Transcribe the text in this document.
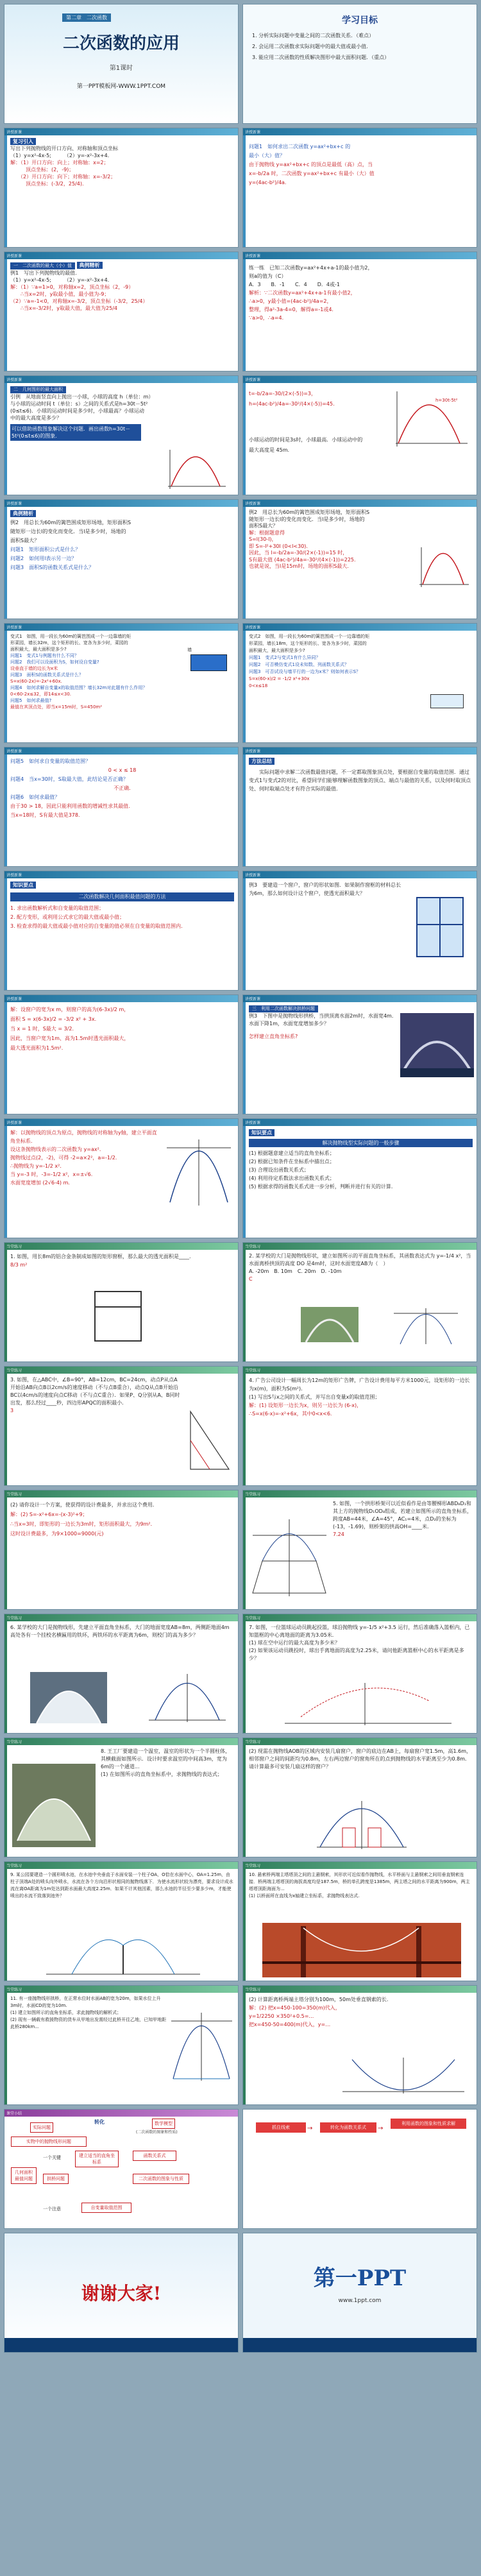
第二章　二次函数
二次函数的应用
第1课时
第一PPT模板网-WWW.1PPT.COM
学习目标
1. 分析实际问题中变量之间的二次函数关系．（难点）
2. 会运用二次函数求实际问题中的最大值或最小值．
3. 能应用二次函数的性质解决图形中最大面积问题．（重点）
讲授新课
复习引入
写出下列抛物线的开口方向、对称轴和顶点坐标
（1）y=x²-4x-5;　　　（2）y=-x²-3x+4.
解：（1）开口方向：向上；对称轴：x=2；
　　　顶点坐标：(2，-9)；
　　（2）开口方向：向下；对称轴：x=-3/2；
　　　顶点坐标：(-3/2，25/4).
讲授新课
问题1　如何求出二次函数 y=ax²+bx+c 的
最小（大）值？
由于抛物线 y=ax²+bx+c 的顶点是最低（高）点，当
x=-b/2a 时，二次函数 y=ax²+bx+c 有最小（大）值
y=(4ac-b²)/4a.
讲授新课
一　二次函数的最大（小）值 典例精析
例1　写出下列抛物线的最值.
（1）y=x²-4x-5;　　　（2）y=-x²-3x+4.
解：（1）∵a=1>0，对称轴x=2，顶点坐标（2，-9）
　　∴当x=2时，y取最小值，最小值为-9；
（2）∵a=-1<0，对称轴x=-3/2，顶点坐标（-3/2，25/4）
　　∴当x=-3/2时，y取最大值，最大值为25/4
讲授新课
练一练　已知二次函数y=ax²+4x+a-1的最小值为2，
则a的值为（C）
A．3　　B．-1　　C．4　　D．4或-1
解析：∵二次函数y=ax²+4x+a-1有最小值2，
∴a>0，y最小值=(4ac-b²)/4a=2，
整理，得a²-3a-4=0，解得a=-1或4.
∵a>0，∴a=4.
讲授新课
二　几何图形的最大面积
引例　从地面竖直向上抛出一小球，小球的高度 h（单位：m）
与小球的运动时间 t（单位：s）之间的关系式是h=30t－5t²
(0≤t≤6)．小球的运动时间是多少时，小球最高？小球运动
中的最大高度是多少？
可以借助函数图象解决这个问题．画出函数h=30t－5t²(0≤t≤6)的图象.
讲授新课
t=-b/2a=-30/(2×(-5))=3，
h=(4ac-b²)/4a=-30²/(4×(-5))=45.
小球运动的时间是3s时，小球最高．小球运动中的
最大高度是 45m.
h=30t-5t²
讲授新课
典例精析
例2　用总长为60m的篱笆围成矩形场地，矩形面积S
随矩形一边长l的变化而变化．当l是多少时，场地的
面积S最大？
问题1　矩形面积公式是什么？
问题2　如何用l表示另一边？
问题3　面积S的函数关系式是什么？
讲授新课
例2　用总长为60m的篱笆围成矩形场地，矩形面积S
随矩形一边长l的变化而变化．当l是多少时，场地的
面积S最大？
解：根据题意得
S=l(30-l)，
即 S=-l²+30l (0<l<30).
因此，当 l=-b/2a=-30/(2×(-1))=15 时，
S有最大值 (4ac-b²)/4a=-30²/(4×(-1))=225.
也就是说，当l是15m时，场地的面积S最大.
讲授新课
变式1　如图，用一段长为60m的篱笆围成一个一边靠墙的矩
形菜园，墙长32m，这个矩形的长、宽各为多少时，菜园的
面积最大，最大面积是多少?
问题1　变式1与例题有什么不同？
问题2　我们可以设面积为S，如何设自变量?
设垂直于墙的边长为x米
问题3　面积S的函数关系式是什么？
S=x(60-2x)=-2x²+60x.
问题4　如何求解自变量x的取值范围？墙长32m对此题有什么作用？
0<60-2x≤32，即14≤x<30.
问题5　如何求最值?
最值在其顶点处，即当x=15m时，S=450m²
墙
讲授新课
变式2　如图，用一段长为60m的篱笆围成一个一边靠墙的矩
形菜园，墙长18m，这个矩形的长、宽各为多少时，菜园的
面积最大，最大面积是多少?
问题1　变式2与变式1有什么异同？
问题2　可否模仿变式1设未知数、列函数关系式？
问题3　可否试设与墙平行的一边为x米？则如何表示S？
S=x(60-x)/2 = -1/2 x²+30x
0<x≤18
讲授新课
问题5　如何求自变量的取值范围？
0 < x ≤ 18
问题4　当x=30时，S取最大值，此结论是否正确？
不正确.
问题6　如何求最值？
由于30 > 18，因此只能利用函数的增减性求其最值.
当x=18时，S有最大值是378.
讲授新课
方法总结
实际问题中求解二次函数最值问题，不一定都取图象顶点处，要根据自变量的取值范围．通过变式1与变式2的对比，希望同学们能够理解函数图象的顶点、端点与最值的关系，以及何时取顶点处、何时取端点处才有符合实际的最值.
讲授新课
知识要点
二次函数解决几何面积最值问题的方法
1. 求出函数解析式和自变量的取值范围；
2. 配方变形，或利用公式求它的最大值或最小值；
3. 检查求得的最大值或最小值对应的自变量的值必须在自变量的取值范围内.
讲授新课
例3　要建造一个窗户，窗户的形状如图．如果制作窗框的材料总长为6m，那么如何设计这个窗户，使透光面积最大？
讲授新课
解：设窗户的宽为x m，则窗户的高为(6-3x)/2 m，
面积 S = x(6-3x)/2 = -3/2 x² + 3x.
当 x = 1 时，S最大 = 3/2.
因此，当窗户宽为1m、高为1.5m时透光面积最大，
最大透光面积为1.5m².
讲授新课
三　利用二次函数解决拱桥问题
例3　下图中是抛物线形拱桥，当拱顶离水面2m时，水面宽4m．水面下降1m，水面宽度增加多少？
怎样建立直角坐标系?
讲授新课
解：以抛物线的顶点为原点，抛物线的对称轴为y轴，建立平面直角坐标系．
设这条抛物线表示的二次函数为 y=ax²．
抛物线过点(2，-2)，可得 -2=a×2²，a=-1/2.
∴抛物线为 y=-1/2 x²．
当 y=-3 时，-3=-1/2 x²，x=±√6.
水面宽度增加 (2√6-4) m.
讲授新课
知识要点
解决抛物线型实际问题的一般步骤
(1) 根据题意建立适当的直角坐标系；
(2) 根据已知条件在坐标系中描出点；
(3) 合理设出函数关系式；
(4) 利用待定系数法求出函数关系式；
(5) 根据求得的函数关系式进一步分析，判断并进行有关的计算.
当堂练习
1. 如图，用长8m的铝合金条制成如图的矩形窗框，那么最大的透光面积是____.
8/3 m²
当堂练习
2. 某学校的大门是抛物线形状，建立如图所示的平面直角坐标系，其函数表达式为 y=-1/4 x²，当水面离桥拱顶的高度 DO 是4m时，这时水面宽度AB为（　）
A. -20m　B. 10m　C. 20m　D. -10m
C
当堂练习
3. 如图，在△ABC中，∠B=90°，AB=12cm，BC=24cm，动点P从点A开始沿AB向点B以2cm/s的速度移动（不与点B重合），动点Q从点B开始沿BC以4cm/s的速度向点C移动（不与点C重合）．如果P、Q分别从A、B同时出发，那么经过____秒，四边形APQC的面积最小．
3
当堂练习
4. 广告公司设计一幅周长为12m的矩形广告牌，广告设计费用每平方米1000元，设矩形的一边长为x(m)，面积为S(m²)．
(1) 写出S与x之间的关系式，并写出自变量x的取值范围；
解：(1) 设矩形一边长为x，则另一边长为 (6-x)，
∴S=x(6-x)=-x²+6x，其中0<x<6.
当堂练习
(2) 请你设计一个方案，使获得的设计费最多，并求出这个费用．
解：(2) S=-x²+6x=-(x-3)²+9；
∴当x=3时，即矩形的一边长为3m时，矩形面积最大，为9m²．
这时设计费最多，为9×1000=9000(元)
当堂练习
5. 如图，一个拱形桥架可以近似看作是由等腰梯形ABD₈D₁和其上方的抛物线D₁OD₈组成，若建立如图所示的直角坐标系，跨度AB=44米，∠A=45°，AC₁=4米，点D₂的坐标为(-13，-1.69)，则桥架的拱高OH=____米.
7.24
当堂练习
6. 某学校的大门是抛物线形，先建立平面直角坐标系，大门的地面宽度AB=8m，两侧距地面4m高处各有一个挂校名横匾用的铁环，两铁环的水平距离为6m，则校门的高为多少？
当堂练习
7. 如图，一位篮球运动员跳起投篮，球沿抛物线 y=-1/5 x²+3.5 运行，然后准确落入篮框内，已知篮框的中心离地面的距离为3.05米．
(1) 球在空中运行的最大高度为多少米？
(2) 如果该运动员跳投时，球出手离地面的高度为2.25米，请问他距离篮框中心的水平距离是多少？
当堂练习
8. 王工厂要建造一个温室，温室的形状为一个半圆柱体，其横截面如图所示．设计时要求温室的中间高3m，宽为6m的一个通道...
(1) 在如图所示的直角坐标系中，求抛物线的表达式；
当堂练习
(2) 现需在抛物线AOB的区域内安装几扇窗户，窗户的底边在AB上，每扇窗户宽1.5m，高1.6m，相邻窗户之间的间距均为0.8m，左右两边窗户的窗角所在的点到抛物线的水平距离至少为0.8m．请计算最多可安装几扇这样的窗户？
当堂练习
9. 某公园要建造一个圆形喷水池，在水池中央垂直于水面安装一个柱子OA，O恰在水面中心，OA=1.25m，由柱子顶端A处的喷头向外喷水，水流在各个方向沿形状相同的抛物线落下．为使水流形状较为漂亮，要求设计成水流在离OA距离为1m处达到距水面最大高度2.25m．如果不计其他因素，那么水池的半径至少要多少m，才能使喷出的水流不致落到池外？
当堂练习
10. 悬索桥两端主塔塔顶之间的主悬钢索，其形状可近似看作抛物线，水平桥面与主悬钢索之间用垂直钢索连接．桥两端主塔塔顶的海拔高度均是187.5m，桥的单孔跨度是1385m，两主塔之间的水平距离为900m，两主塔塔顶距海面为...
(1) 以桥面所在直线为x轴建立坐标系，求抛物线表达式.
当堂练习
11. 有一座抛物线形拱桥，在正常水位时水面AB的宽为20m，如果水位上升3m时，水面CD的宽为10m.
(1) 建立如图所示的直角坐标系，求此抛物线的解析式；
(2) 现有一辆载有救援物资的货车从甲地出发需经过此桥开往乙地，已知甲地距此桥280km...
当堂练习
(2) 计算距离桥两端主塔分别为100m，50m处垂直钢索的长.
解：(2) 把x=450-100=350(m)代入，
y=1/2250 ×350²+0.5=…
把x=450-50=400(m)代入，y=…
课堂小结
实际问题
转化	数学模型
(二次函数的图象和性质)
实物中的抛物线形问题
一个关键	建立适当的直角坐标系
几何面积最值问题	拱桥问题
一个注意	自变量取值范围
函数关系式
二次函数的图象与性质
抓住线索	→	转化为函数关系式	→
利用函数的图象和性质求解
谢谢大家!
第一PPT
www.1ppt.com
